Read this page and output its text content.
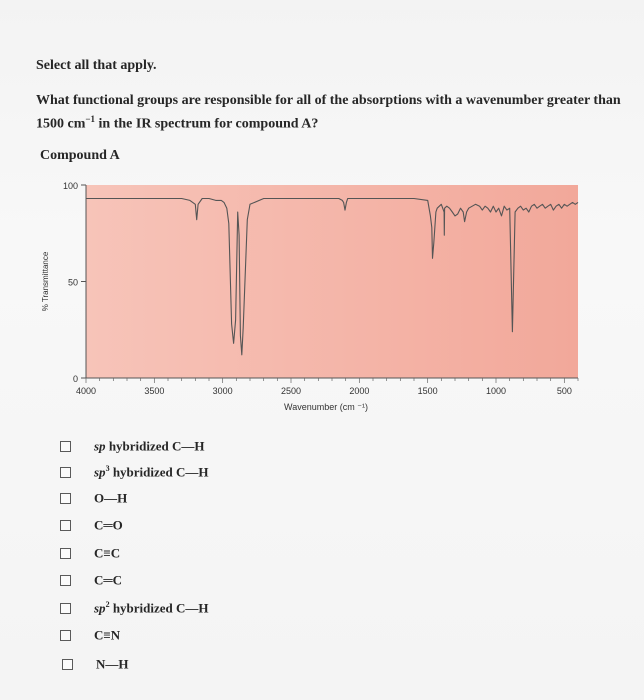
Select all that apply.
What functional groups are responsible for all of the absorptions with a wavenumber greater than
1500 $cm^{-1}$ in the IR spectrum for compound A?
Compound A
0
50
100
4000	3500	3000	2500	2000	1500	1000	500
% Transmittance
Wavenumber (cm ⁻¹)
sp hybridized C—H
$sp^3$ hybridized C—H
O—H
C═O
C≡C
C═C
$sp^2$ hybridized C—H
C≡N
N—H
